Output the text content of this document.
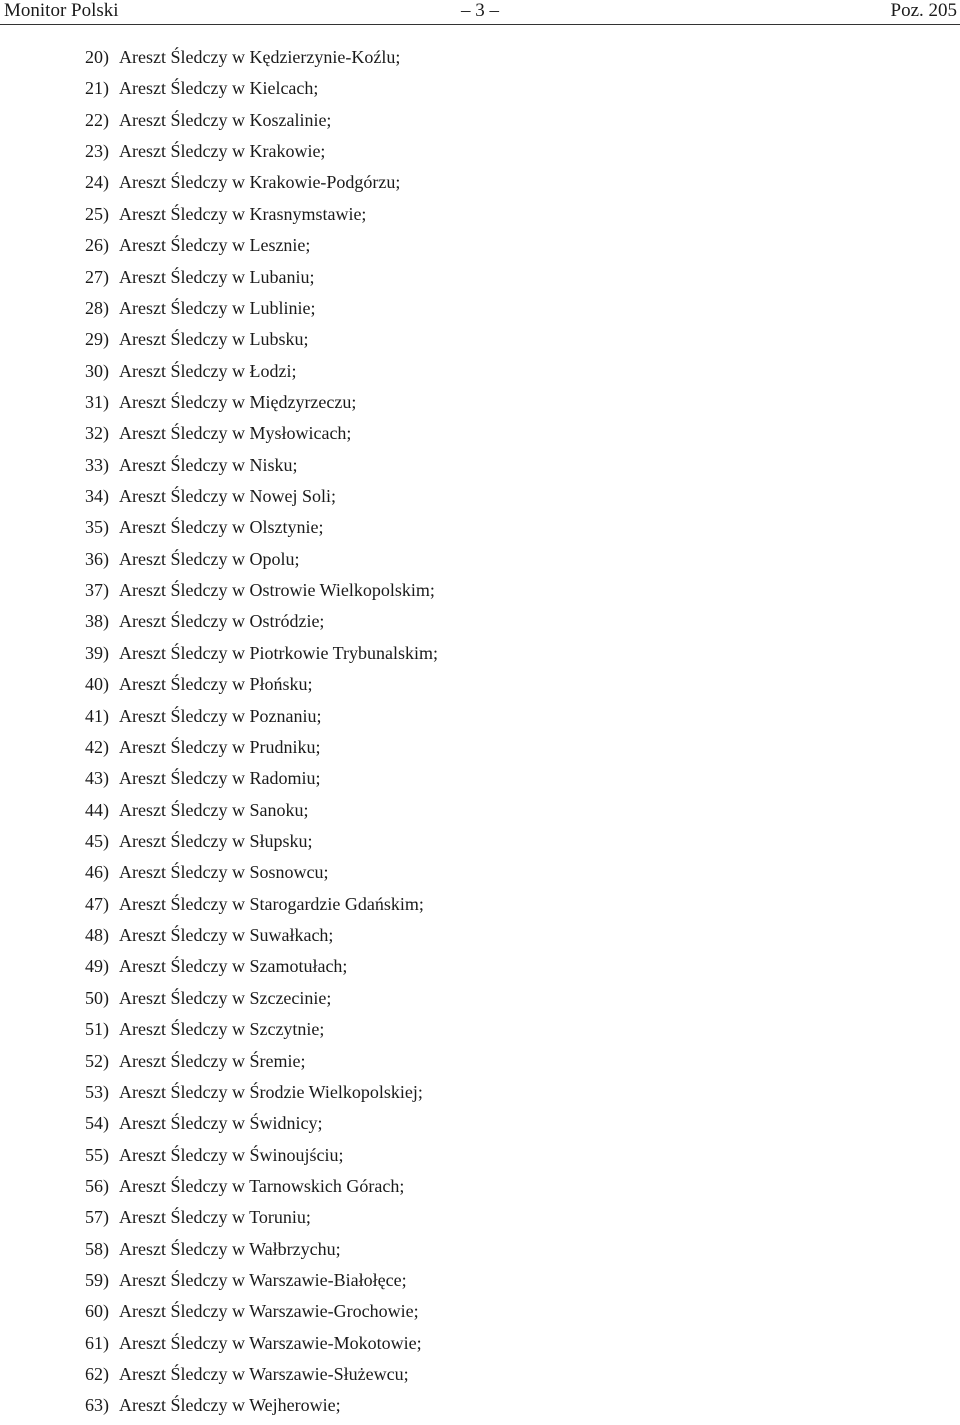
Monitor Polski	– 3 –	Poz. 205
20) Areszt Śledczy w Kędzierzynie-Koźlu;
21) Areszt Śledczy w Kielcach;
22) Areszt Śledczy w Koszalinie;
23) Areszt Śledczy w Krakowie;
24) Areszt Śledczy w Krakowie-Podgórzu;
25) Areszt Śledczy w Krasnymstawie;
26) Areszt Śledczy w Lesznie;
27) Areszt Śledczy w Lubaniu;
28) Areszt Śledczy w Lublinie;
29) Areszt Śledczy w Lubsku;
30) Areszt Śledczy w Łodzi;
31) Areszt Śledczy w Międzyrzeczu;
32) Areszt Śledczy w Mysłowicach;
33) Areszt Śledczy w Nisku;
34) Areszt Śledczy w Nowej Soli;
35) Areszt Śledczy w Olsztynie;
36) Areszt Śledczy w Opolu;
37) Areszt Śledczy w Ostrowie Wielkopolskim;
38) Areszt Śledczy w Ostródzie;
39) Areszt Śledczy w Piotrkowie Trybunalskim;
40) Areszt Śledczy w Płońsku;
41) Areszt Śledczy w Poznaniu;
42) Areszt Śledczy w Prudniku;
43) Areszt Śledczy w Radomiu;
44) Areszt Śledczy w Sanoku;
45) Areszt Śledczy w Słupsku;
46) Areszt Śledczy w Sosnowcu;
47) Areszt Śledczy w Starogardzie Gdańskim;
48) Areszt Śledczy w Suwałkach;
49) Areszt Śledczy w Szamotułach;
50) Areszt Śledczy w Szczecinie;
51) Areszt Śledczy w Szczytnie;
52) Areszt Śledczy w Śremie;
53) Areszt Śledczy w Środzie Wielkopolskiej;
54) Areszt Śledczy w Świdnicy;
55) Areszt Śledczy w Świnoujściu;
56) Areszt Śledczy w Tarnowskich Górach;
57) Areszt Śledczy w Toruniu;
58) Areszt Śledczy w Wałbrzychu;
59) Areszt Śledczy w Warszawie-Białołęce;
60) Areszt Śledczy w Warszawie-Grochowie;
61) Areszt Śledczy w Warszawie-Mokotowie;
62) Areszt Śledczy w Warszawie-Służewcu;
63) Areszt Śledczy w Wejherowie;
